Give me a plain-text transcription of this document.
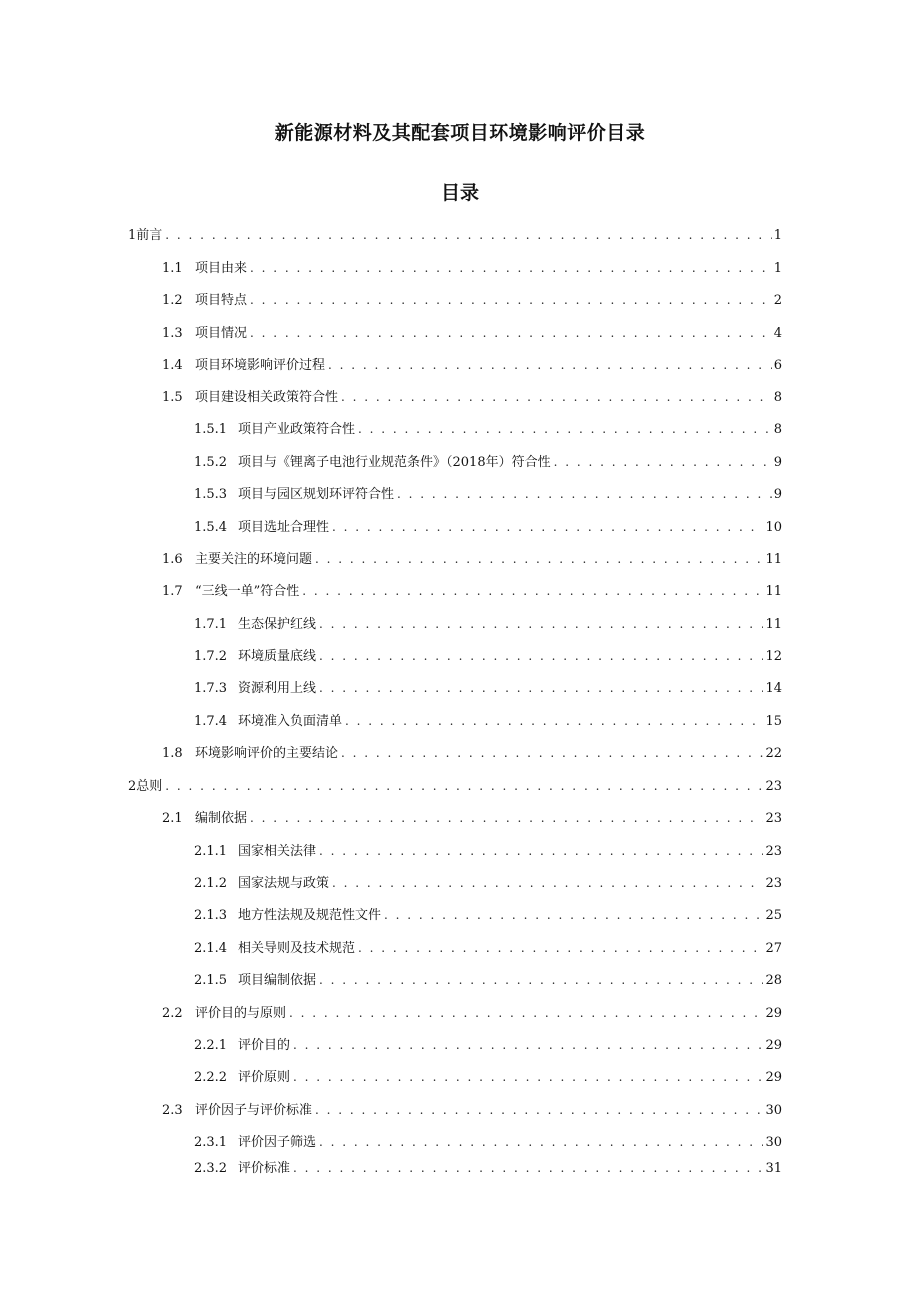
新能源材料及其配套项目环境影响评价目录
目录
1 前言 . . .	1
1.1 项目由来 . . .	1
1.2 项目特点 . . .	2
1.3 项目情况 . . .	4
1.4 项目环境影响评价过程 . . .	6
1.5 项目建设相关政策符合性 . . .	8
1.5.1 项目产业政策符合性 . . .	8
1.5.2 项目与《锂离子电池行业规范条件》（2018年）符合性 . . .	9
1.5.3 项目与园区规划环评符合性 . . .	9
1.5.4 项目选址合理性 . . .	10
1.6 主要关注的环境问题 . . .	11
1.7 “三线一单”符合性 . . .	11
1.7.1 生态保护红线 . . .	11
1.7.2 环境质量底线 . . .	12
1.7.3 资源利用上线 . . .	14
1.7.4 环境准入负面清单 . . .	15
1.8 环境影响评价的主要结论 . . .	22
2 总则 . . .	23
2.1 编制依据 . . .	23
2.1.1 国家相关法律 . . .	23
2.1.2 国家法规与政策 . . .	23
2.1.3 地方性法规及规范性文件 . . .	25
2.1.4 相关导则及技术规范 . . .	27
2.1.5 项目编制依据 . . .	28
2.2 评价目的与原则 . . .	29
2.2.1 评价目的 . . .	29
2.2.2 评价原则 . . .	29
2.3 评价因子与评价标准 . . .	30
2.3.1 评价因子筛选 . . .	30
2.3.2 评价标准 . . .	31
